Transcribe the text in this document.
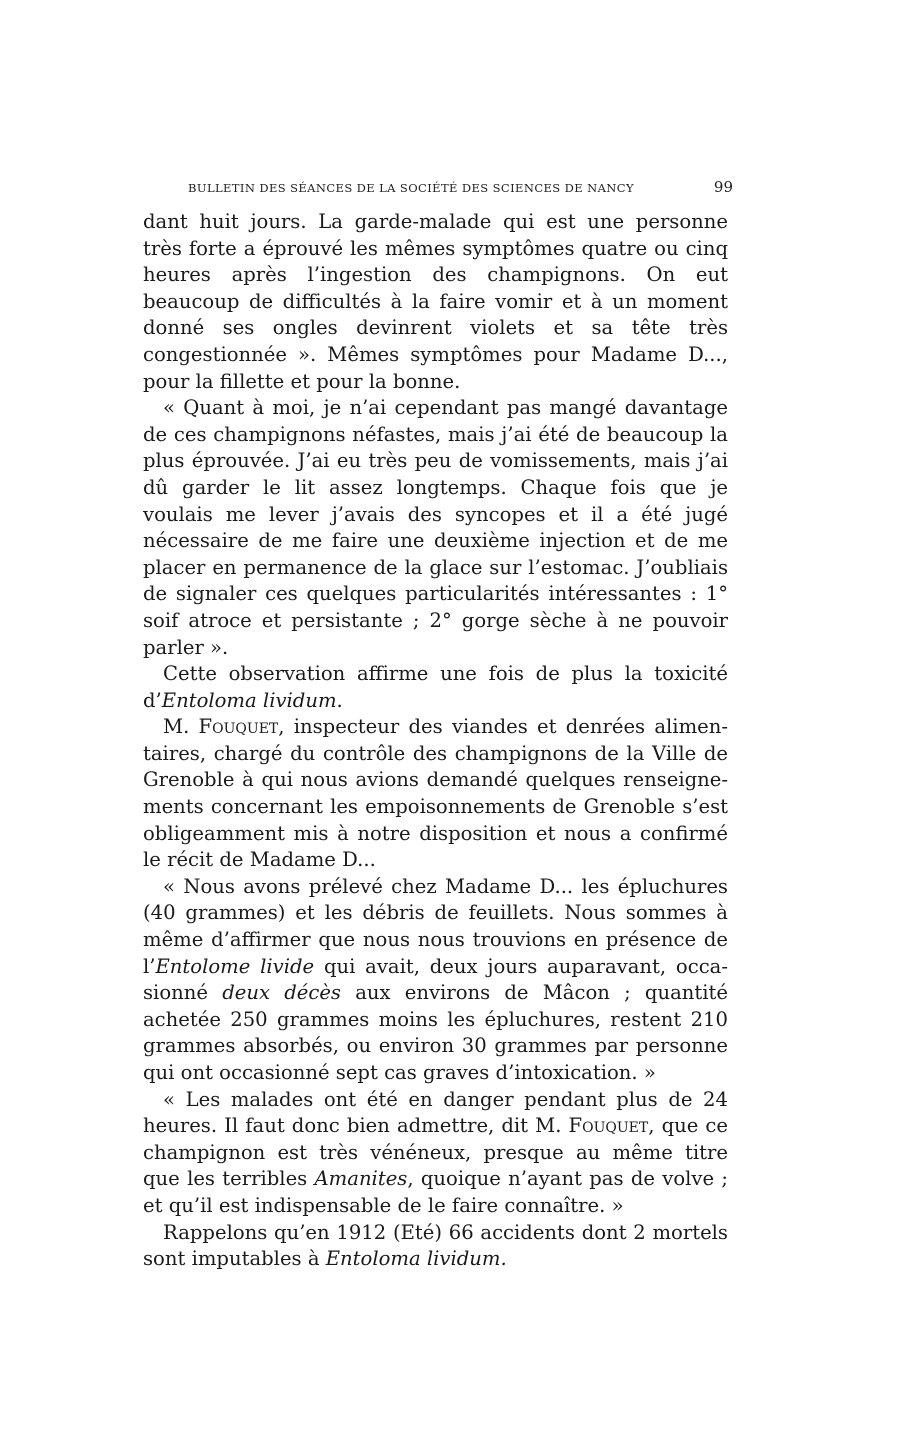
BULLETIN DES SÉANCES DE LA SOCIÉTÉ DES SCIENCES DE NANCY	99

dant huit jours. La garde-malade qui est une personne très forte a éprouvé les mêmes symptômes quatre ou cinq heures après l’ingestion des champignons. On eut beaucoup de difficultés à la faire vomir et à un moment donné ses ongles devinrent violets et sa tête très congestionnée ». Mêmes symptômes pour Madame D..., pour la fillette et pour la bonne.

« Quant à moi, je n’ai cependant pas mangé davantage de ces champignons néfastes, mais j’ai été de beaucoup la plus éprouvée. J’ai eu très peu de vomissements, mais j’ai dû garder le lit assez longtemps. Chaque fois que je voulais me lever j’avais des syncopes et il a été jugé nécessaire de me faire une deuxième injection et de me placer en permanence de la glace sur l’estomac. J’oubliais de signaler ces quelques particularités intéressantes : 1° soif atroce et persistante ; 2° gorge sèche à ne pouvoir parler ».

Cette observation affirme une fois de plus la toxicité d’Entoloma lividum.

M. Fouquet, inspecteur des viandes et denrées alimentaires, chargé du contrôle des champignons de la Ville de Grenoble à qui nous avions demandé quelques renseignements concernant les empoisonnements de Grenoble s’est obligeamment mis à notre disposition et nous a confirmé le récit de Madame D...

« Nous avons prélevé chez Madame D... les épluchures (40 grammes) et les débris de feuillets. Nous sommes à même d’affirmer que nous nous trouvions en présence de l’Entolome livide qui avait, deux jours auparavant, occasionné deux décès aux environs de Mâcon ; quantité achetée 250 grammes moins les épluchures, restent 210 grammes absorbés, ou environ 30 grammes par personne qui ont occasionné sept cas graves d’intoxication. »

« Les malades ont été en danger pendant plus de 24 heures. Il faut donc bien admettre, dit M. Fouquet, que ce champignon est très vénéneux, presque au même titre que les terribles Amanites, quoique n’ayant pas de volve ; et qu’il est indispensable de le faire connaître. »

Rappelons qu’en 1912 (Eté) 66 accidents dont 2 mortels sont imputables à Entoloma lividum.
